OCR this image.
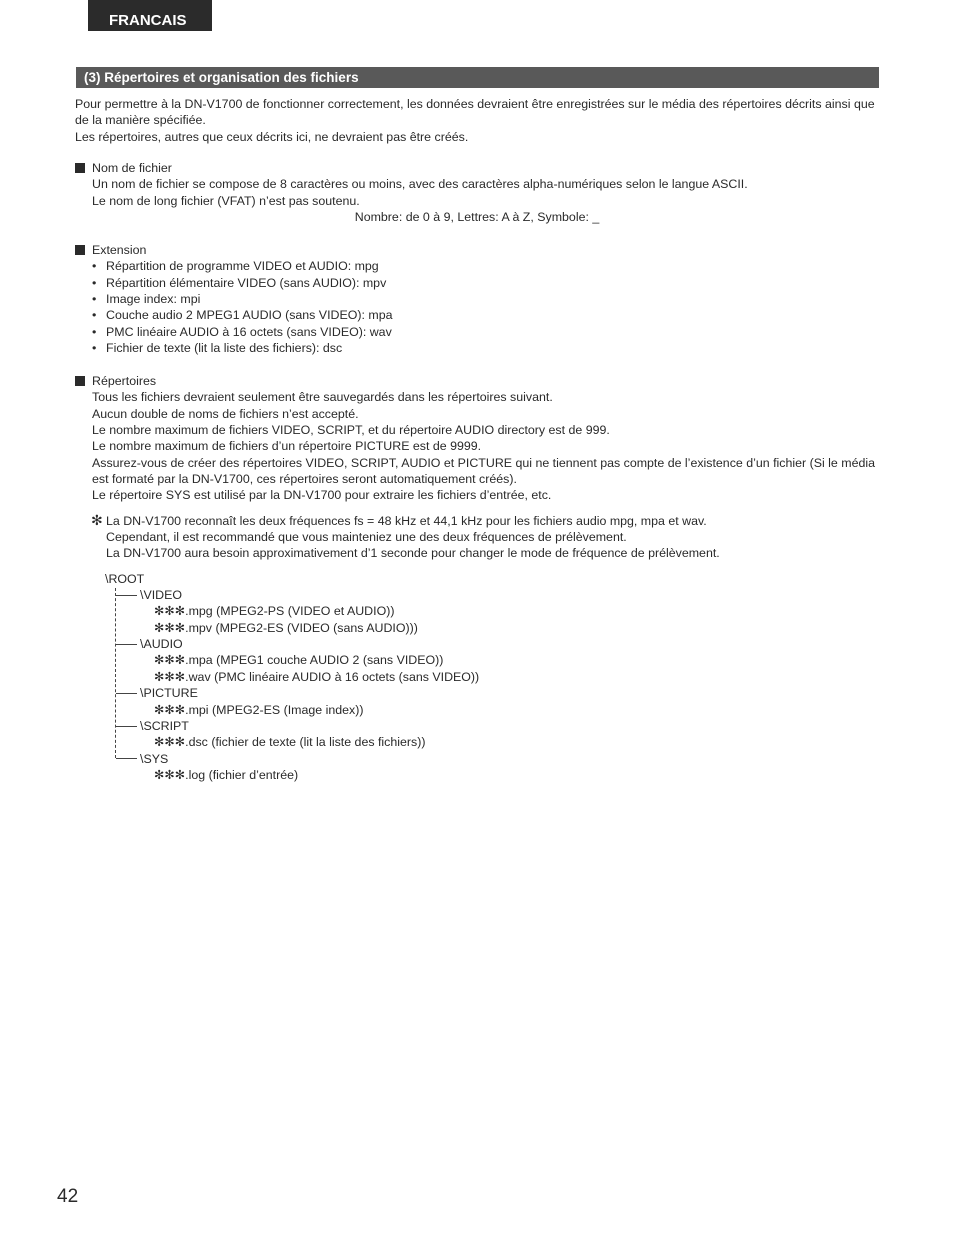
FRANCAIS
(3) Répertoires et organisation des fichiers

Pour permettre à la DN-V1700 de fonctionner correctement, les données devraient être enregistrées sur le média des répertoires décrits ainsi que de la manière spécifiée.

Les répertoires, autres que ceux décrits ici, ne devraient pas être créés.

Nom de fichier
Un nom de fichier se compose de 8 caractères ou moins, avec des caractères alpha-numériques selon le langue ASCII.
Le nom de long fichier (VFAT) n’est pas soutenu.
Nombre: de 0 à 9, Lettres: A à Z, Symbole: _
Extension
• Répartition de programme VIDEO et AUDIO: mpg
• Répartition élémentaire VIDEO (sans AUDIO): mpv
• Image index: mpi
• Couche audio 2 MPEG1 AUDIO (sans VIDEO): mpa
• PMC linéaire AUDIO à 16 octets (sans VIDEO): wav
• Fichier de texte (lit la liste des fichiers): dsc
Répertoires
Tous les fichiers devraient seulement être sauvegardés dans les répertoires suivant.
Aucun double de noms de fichiers n’est accepté.
Le nombre maximum de fichiers VIDEO, SCRIPT, et du répertoire AUDIO directory est de 999.
Le nombre maximum de fichiers d’un répertoire PICTURE est de 9999.

Assurez-vous de créer des répertoires VIDEO, SCRIPT, AUDIO et PICTURE qui ne tiennent pas compte de l’existence d’un fichier (Si le média est formaté par la DN-V1700, ces répertoires seront automatiquement créés).

Le répertoire SYS est utilisé par la DN-V1700 pour extraire les fichiers d’entrée, etc.
✻ La DN-V1700 reconnaît les deux fréquences fs = 48 kHz et 44,1 kHz pour les fichiers audio mpg, mpa et wav.
Cependant, il est recommandé que vous mainteniez une des deux fréquences de prélèvement.
La DN-V1700 aura besoin approximativement d’1 seconde pour changer le mode de fréquence de prélèvement.
\ROOT
\VIDEO
✻✻✻.mpg (MPEG2-PS (VIDEO et AUDIO))
✻✻✻.mpv (MPEG2-ES (VIDEO (sans AUDIO)))
\AUDIO
✻✻✻.mpa (MPEG1 couche AUDIO 2 (sans VIDEO))
✻✻✻.wav (PMC linéaire AUDIO à 16 octets (sans VIDEO))
\PICTURE
✻✻✻.mpi (MPEG2-ES (Image index))
\SCRIPT
✻✻✻.dsc (fichier de texte (lit la liste des fichiers))
\SYS
✻✻✻.log (fichier d’entrée)
42
